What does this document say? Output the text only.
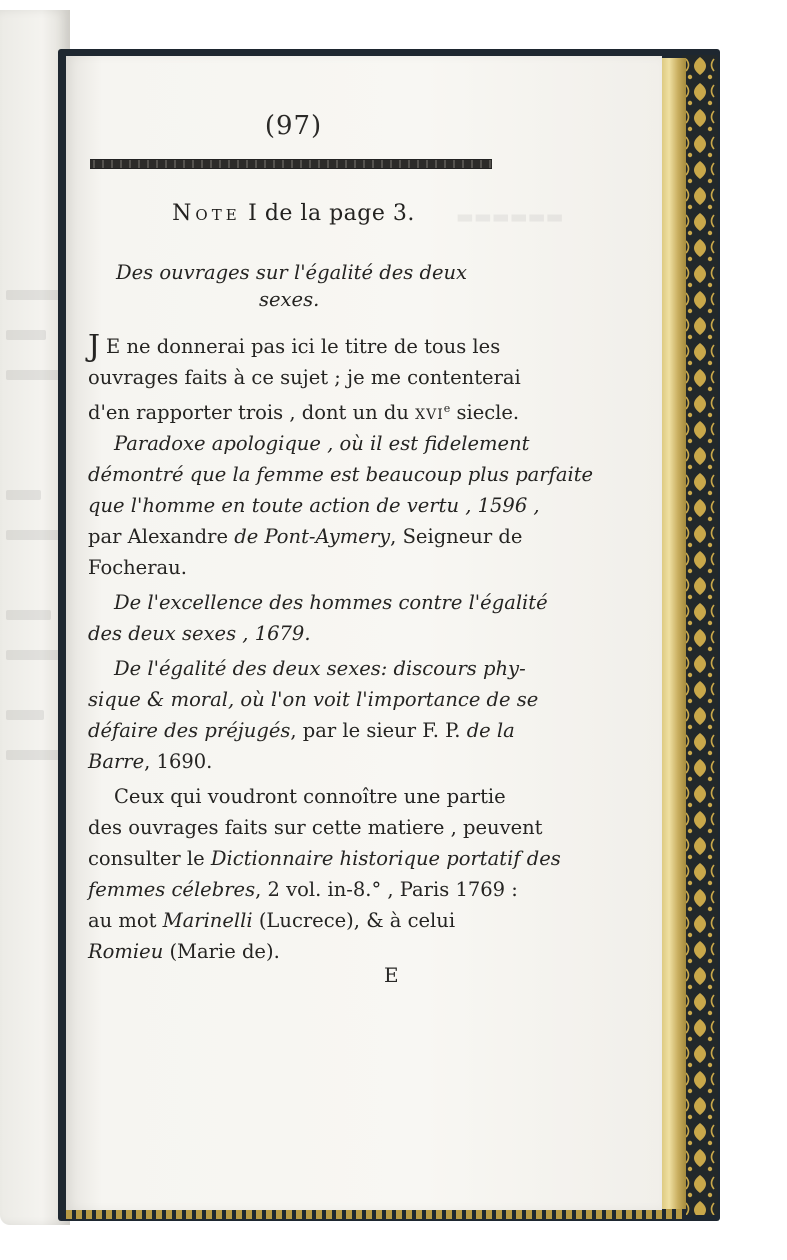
▬▬▬▬▬▬
(97)
Note I de la page 3.
Des ouvrages sur l'égalité des deux
sexes.
J E ne donnerai pas ici le titre de tous les
ouvrages faits à ce sujet ; je me contenterai
d'en rapporter trois , dont un du xvi$^e$ siecle.
Paradoxe apologique , où il est fidelement
démontré que la femme est beaucoup plus parfaite
que l'homme en toute action de vertu , 1596 ,
par Alexandre de Pont-Aymery, Seigneur de
Focherau.
De l'excellence des hommes contre l'égalité
des deux sexes , 1679.
De l'égalité des deux sexes: discours phy-
sique & moral, où l'on voit l'importance de se
défaire des préjugés, par le sieur F. P. de la
Barre, 1690.
Ceux qui voudront connoître une partie
des ouvrages faits sur cette matiere , peuvent
consulter le Dictionnaire historique portatif des
femmes célebres, 2 vol. in-8.° , Paris 1769 :
au mot Marinelli (Lucrece), & à celui
Romieu (Marie de).
E
